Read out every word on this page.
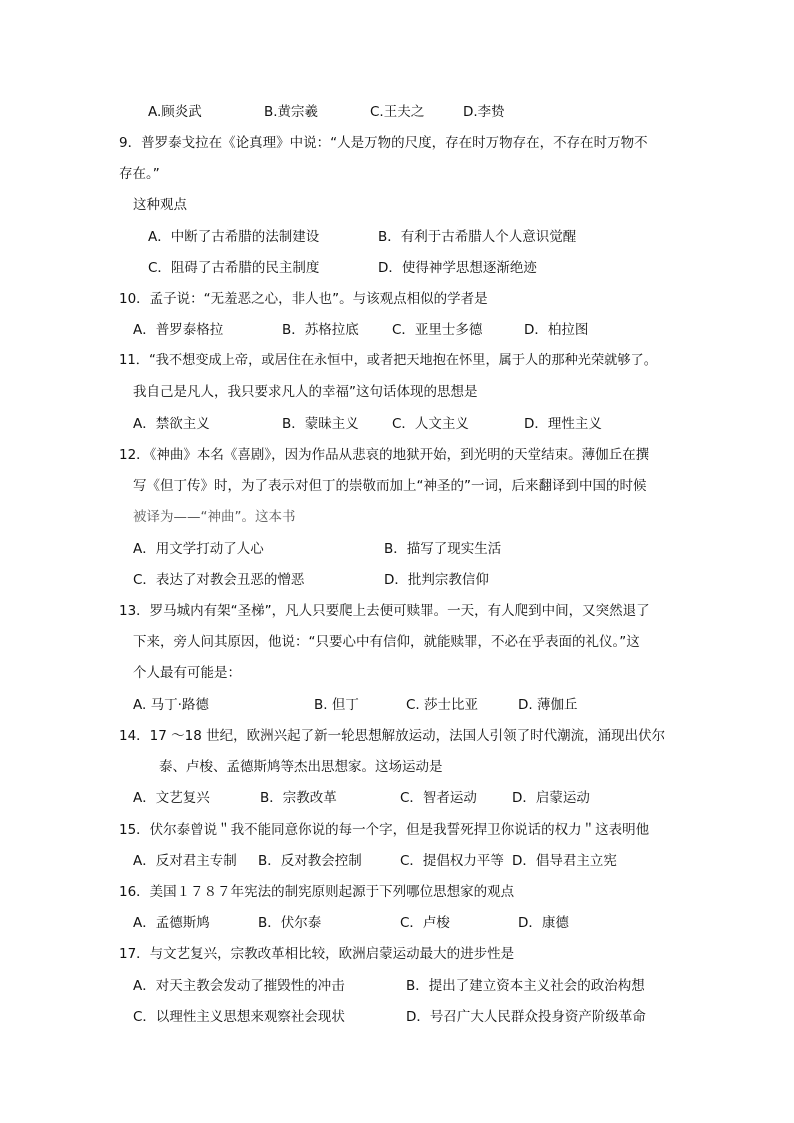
A.顾炎武	B.黄宗羲	C.王夫之	D.李贽
9．普罗泰戈拉在《论真理》中说：“人是万物的尺度，存在时万物存在，不存在时万物不
存在。”
这种观点
A．中断了古希腊的法制建设	B．有利于古希腊人个人意识觉醒
C．阻碍了古希腊的民主制度	D．使得神学思想逐渐绝迹
10．孟子说：“无羞恶之心，非人也”。与该观点相似的学者是
A．普罗泰格拉	B．苏格拉底 C．亚里士多德	D．柏拉图
11．“我不想变成上帝，或居住在永恒中，或者把天地抱在怀里，属于人的那种光荣就够了。
我自己是凡人，我只要求凡人的幸福”这句话体现的思想是
A．禁欲主义	B．蒙昧主义 C．人文主义	D．理性主义
12．《神曲》本名《喜剧》，因为作品从悲哀的地狱开始，到光明的天堂结束。薄伽丘在撰
写《但丁传》时，为了表示对但丁的崇敬而加上“神圣的”一词，后来翻译到中国的时候
被译为——“神曲”。这本书
A．用文学打动了人心	B．描写了现实生活
C．表达了对教会丑恶的憎恶	D．批判宗教信仰
13．罗马城内有架“圣梯”，凡人只要爬上去便可赎罪。一天，有人爬到中间，又突然退了
下来，旁人问其原因，他说：“只要心中有信仰，就能赎罪，不必在乎表面的礼仪。”这
个人最有可能是：
A. 马丁·路德	B. 但丁	C. 莎士比亚	D. 薄伽丘
14．17 ～18 世纪，欧洲兴起了新一轮思想解放运动，法国人引领了时代潮流，涌现出伏尔
泰、卢梭、孟德斯鸠等杰出思想家。这场运动是
A．文艺复兴	B．宗教改革	C．智者运动	D．启蒙运动
15．伏尔泰曾说＂我不能同意你说的每一个字，但是我誓死捍卫你说话的权力＂这表明他
A．反对君主专制 B．反对教会控制	C．提倡权力平等 D．倡导君主立宪
16．美国１７８７年宪法的制宪原则起源于下列哪位思想家的观点
A．孟德斯鸠	B．伏尔泰	C．卢梭	D．康德
17．与文艺复兴，宗教改革相比较，欧洲启蒙运动最大的进步性是
A．对天主教会发动了摧毁性的冲击	B．提出了建立资本主义社会的政治构想
C．以理性主义思想来观察社会现状	D．号召广大人民群众投身资产阶级革命
